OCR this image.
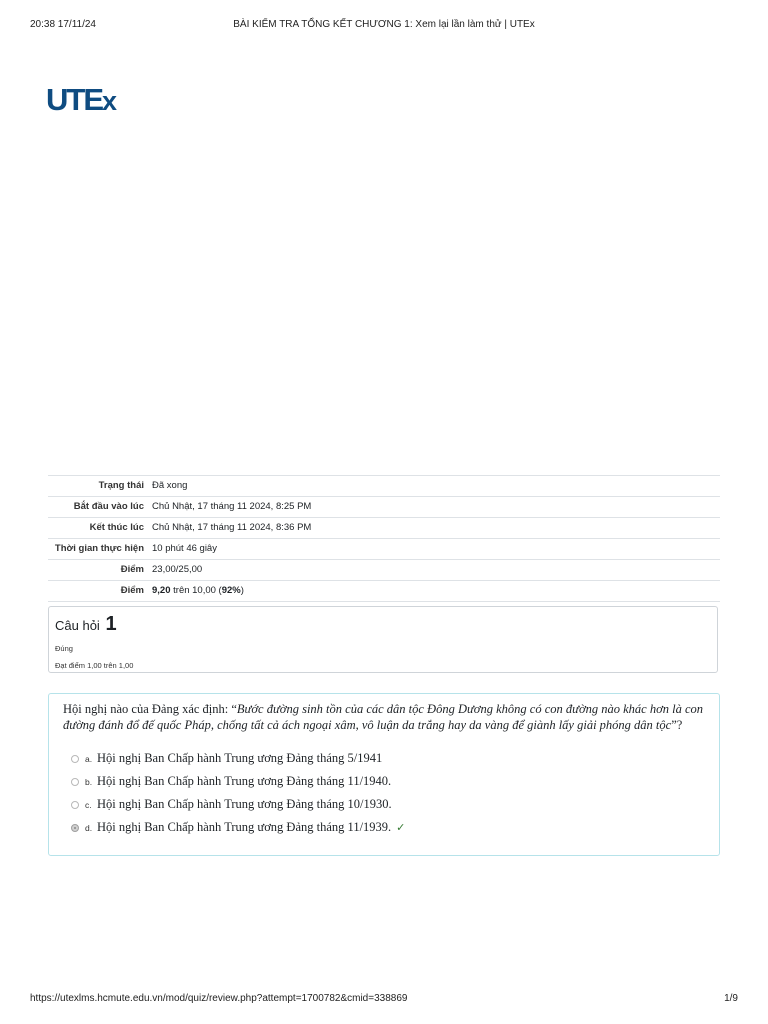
20:38 17/11/24	BÀI KIỂM TRA TỔNG KẾT CHƯƠNG 1: Xem lại lần làm thử | UTEx
UTEx
Trạng thái	Đã xong
Bắt đầu vào lúc	Chủ Nhật, 17 tháng 11 2024, 8:25 PM
Kết thúc lúc	Chủ Nhật, 17 tháng 11 2024, 8:36 PM
Thời gian thực hiện	10 phút 46 giây
Điểm	23,00/25,00
Điểm	9,20 trên 10,00 (92%)
Câu hỏi 1
Đúng
Đạt điểm 1,00 trên 1,00
Hội nghị nào của Đảng xác định: “Bước đường sinh tồn của các dân tộc Đông Dương không có con đường nào khác hơn là con đường đánh đổ đế quốc Pháp, chống tất cả ách ngoại xâm, vô luận da trắng hay da vàng để giành lấy giải phóng dân tộc”?
a. Hội nghị Ban Chấp hành Trung ương Đảng tháng 5/1941
b. Hội nghị Ban Chấp hành Trung ương Đảng tháng 11/1940.
c. Hội nghị Ban Chấp hành Trung ương Đảng tháng 10/1930.
d. Hội nghị Ban Chấp hành Trung ương Đảng tháng 11/1939. ✓
https://utexlms.hcmute.edu.vn/mod/quiz/review.php?attempt=1700782&cmid=338869	1/9
